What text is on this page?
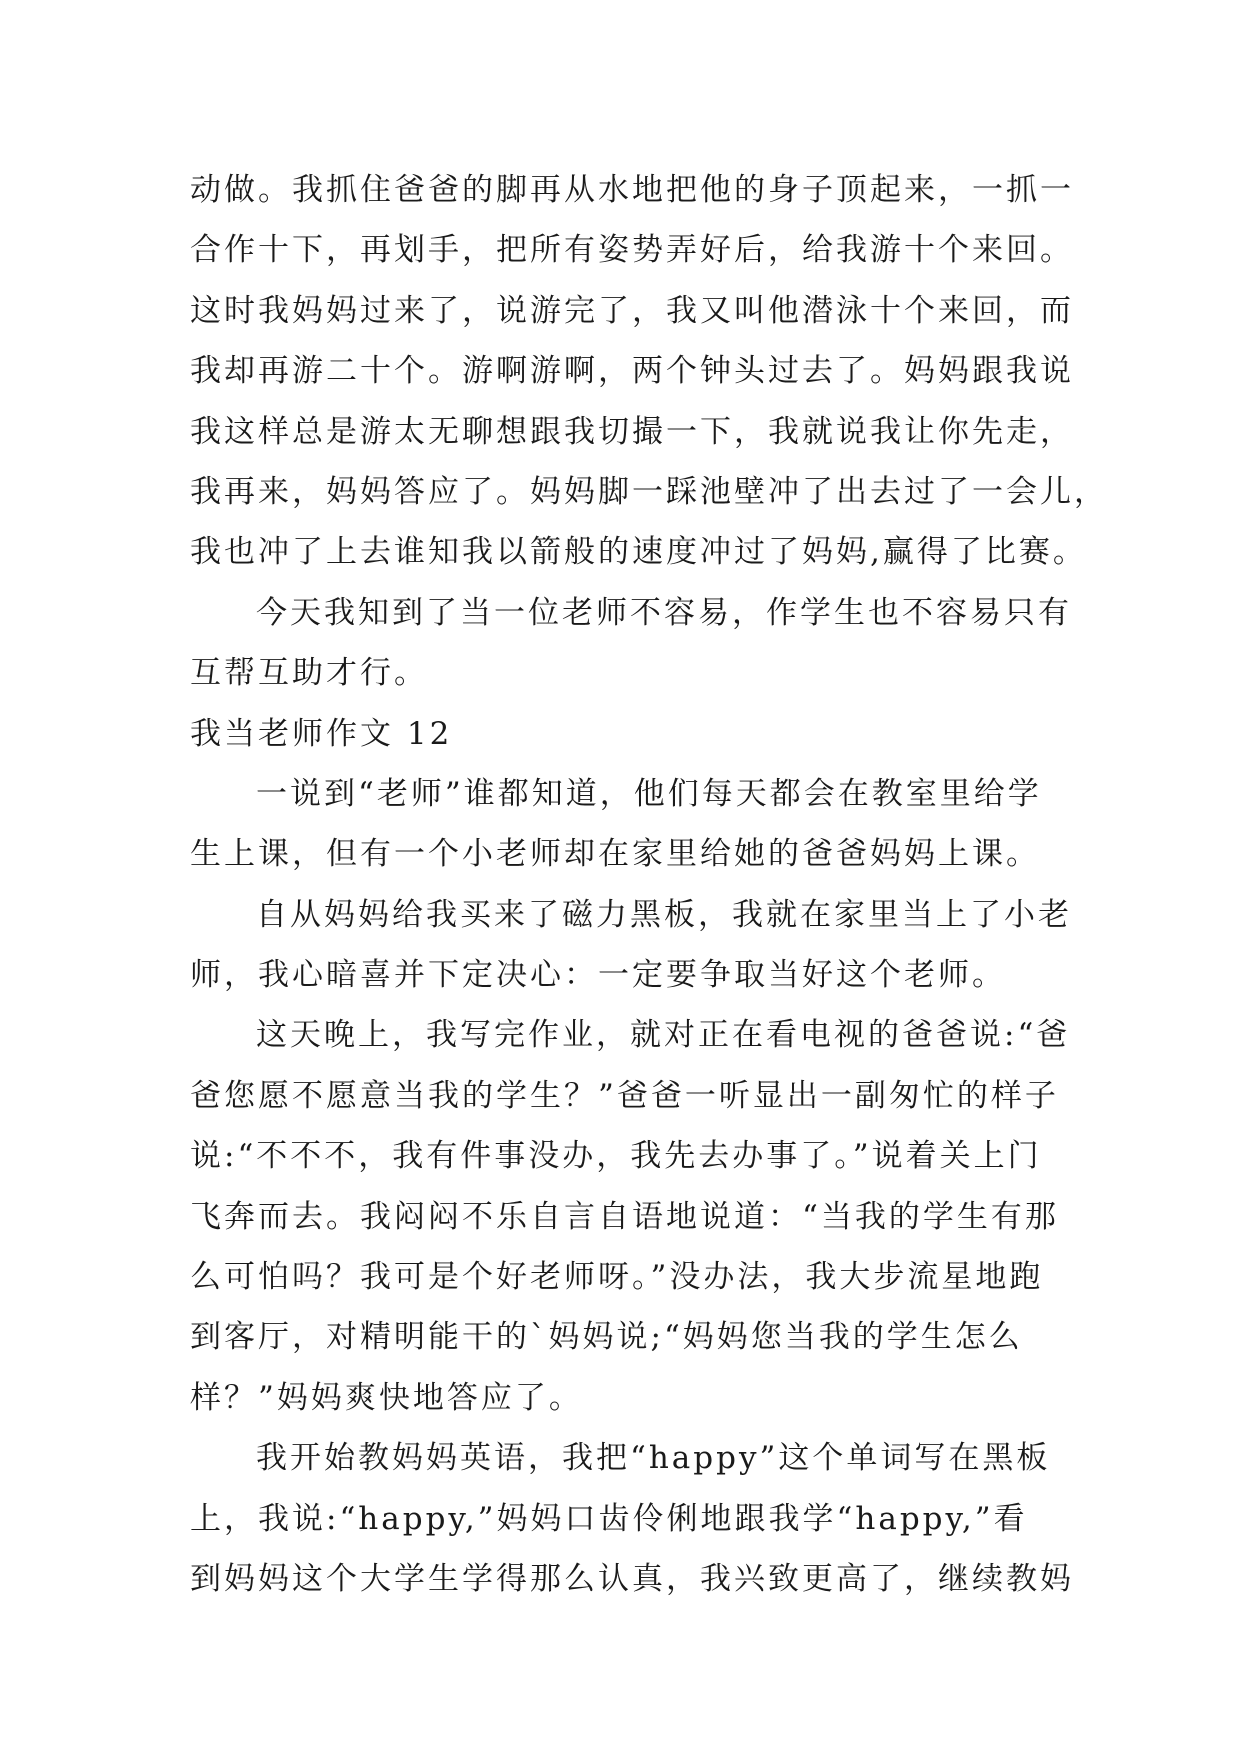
动做。我抓住爸爸的脚再从水地把他的身子顶起来，一抓一
合作十下，再划手，把所有姿势弄好后，给我游十个来回。
这时我妈妈过来了，说游完了，我又叫他潜泳十个来回，而
我却再游二十个。游啊游啊，两个钟头过去了。妈妈跟我说
我这样总是游太无聊想跟我切撮一下，我就说我让你先走，
我再来，妈妈答应了。妈妈脚一踩池壁冲了出去过了一会儿，
我也冲了上去谁知我以箭般的速度冲过了妈妈,赢得了比赛。
今天我知到了当一位老师不容易，作学生也不容易只有
互帮互助才行。
我当老师作文 12
一说到“老师”谁都知道，他们每天都会在教室里给学
生上课，但有一个小老师却在家里给她的爸爸妈妈上课。
自从妈妈给我买来了磁力黑板，我就在家里当上了小老
师，我心暗喜并下定决心：一定要争取当好这个老师。
这天晚上，我写完作业，就对正在看电视的爸爸说:“爸
爸您愿不愿意当我的学生？”爸爸一听显出一副匆忙的样子
说:“不不不，我有件事没办，我先去办事了。”说着关上门
飞奔而去。我闷闷不乐自言自语地说道：“当我的学生有那
么可怕吗？我可是个好老师呀。”没办法，我大步流星地跑
到客厅，对精明能干的`妈妈说;“妈妈您当我的学生怎么
样？”妈妈爽快地答应了。
我开始教妈妈英语，我把“happy”这个单词写在黑板
上，我说:“happy,”妈妈口齿伶俐地跟我学“happy,”看
到妈妈这个大学生学得那么认真，我兴致更高了，继续教妈
